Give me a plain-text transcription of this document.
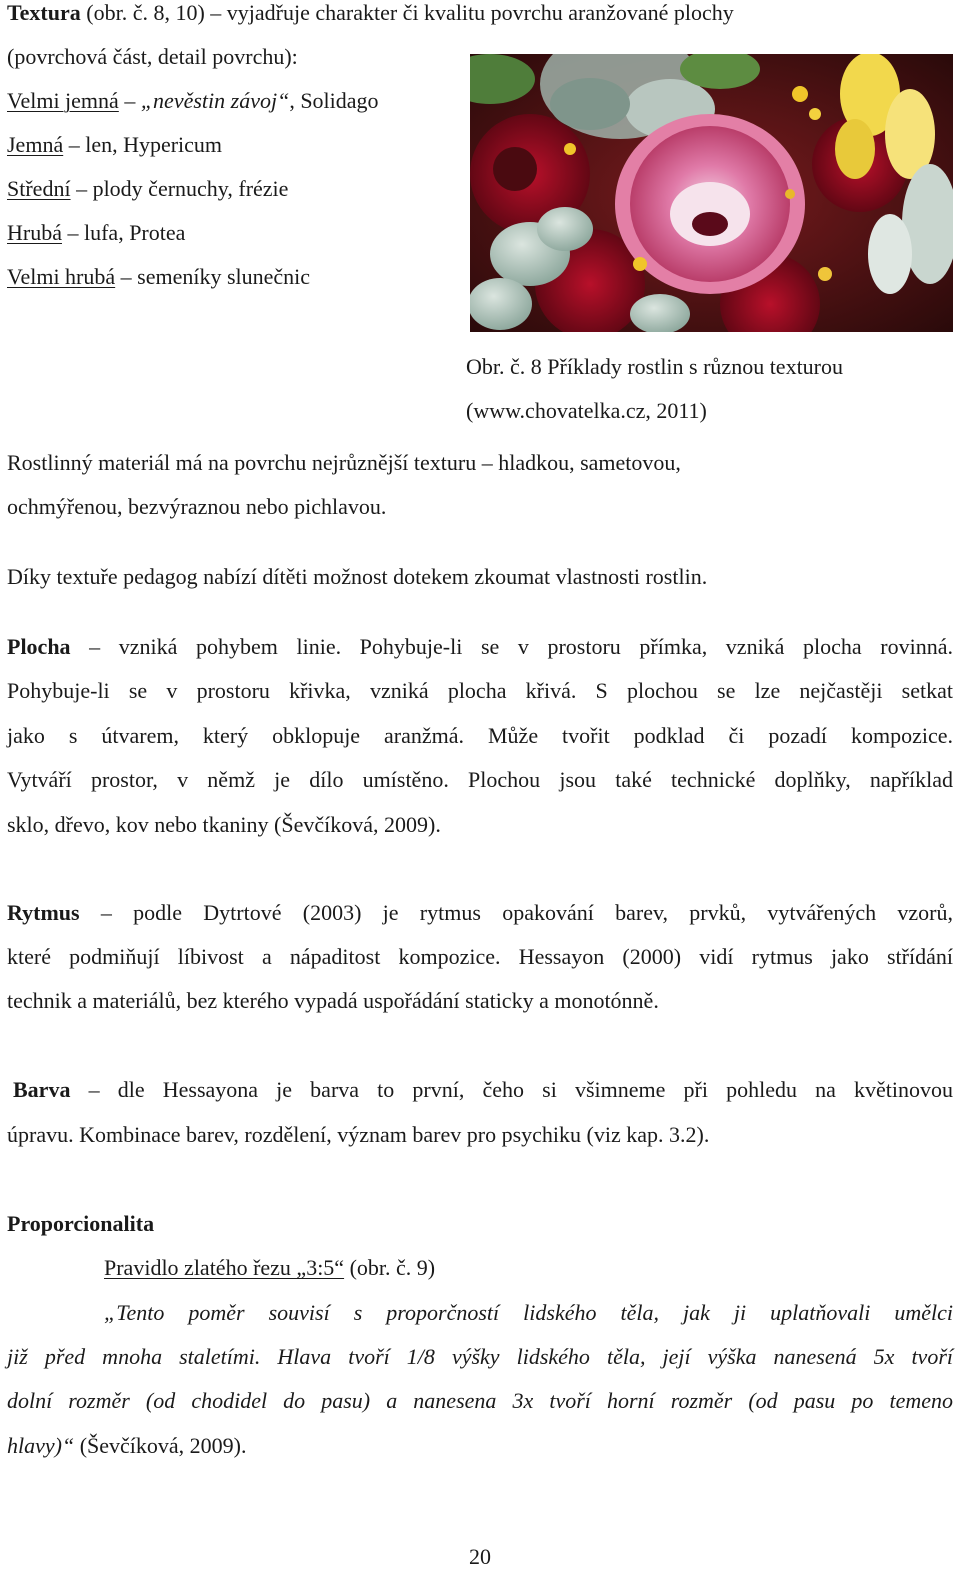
Textura (obr. č. 8, 10) – vyjadřuje charakter či kvalitu povrchu aranžované plochy
(povrchová část, detail povrchu):
Velmi jemná – „nevěstin závoj“, Solidago
Jemná – len, Hypericum
Střední – plody černuchy, frézie
Hrubá – lufa, Protea
Velmi hrubá – semeníky slunečnic
Obr. č. 8 Příklady rostlin s různou texturou
(www.chovatelka.cz, 2011)
Rostlinný materiál má na povrchu nejrůznější texturu – hladkou, sametovou,
ochmýřenou, bezvýraznou nebo pichlavou.
Díky textuře pedagog nabízí dítěti možnost dotekem zkoumat vlastnosti rostlin.
Plocha – vzniká pohybem linie. Pohybuje-li se v prostoru přímka, vzniká plocha rovinná.
Pohybuje-li se v prostoru křivka, vzniká plocha křivá. S plochou se lze nejčastěji setkat
jako s útvarem, který obklopuje aranžmá. Může tvořit podklad či pozadí kompozice.
Vytváří prostor, v němž je dílo umístěno. Plochou jsou také technické doplňky, například
sklo, dřevo, kov nebo tkaniny (Ševčíková, 2009).
Rytmus – podle Dytrtové (2003) je rytmus opakování barev, prvků, vytvářených vzorů,
které podmiňují líbivost a nápaditost kompozice. Hessayon (2000) vidí rytmus jako střídání
technik a materiálů, bez kterého vypadá uspořádání staticky a monotónně.
Barva – dle Hessayona je barva to první, čeho si všimneme při pohledu na květinovou
úpravu. Kombinace barev, rozdělení, význam barev pro psychiku (viz kap. 3.2).
Proporcionalita
Pravidlo zlatého řezu „3:5“ (obr. č. 9)
„Tento poměr souvisí s proporčností lidského těla, jak ji uplatňovali umělci
již před mnoha staletími. Hlava tvoří 1/8 výšky lidského těla, její výška nanesená 5x tvoří
dolní rozměr (od chodidel do pasu) a nanesena 3x tvoří horní rozměr (od pasu po temeno
hlavy)“ (Ševčíková, 2009).
20
